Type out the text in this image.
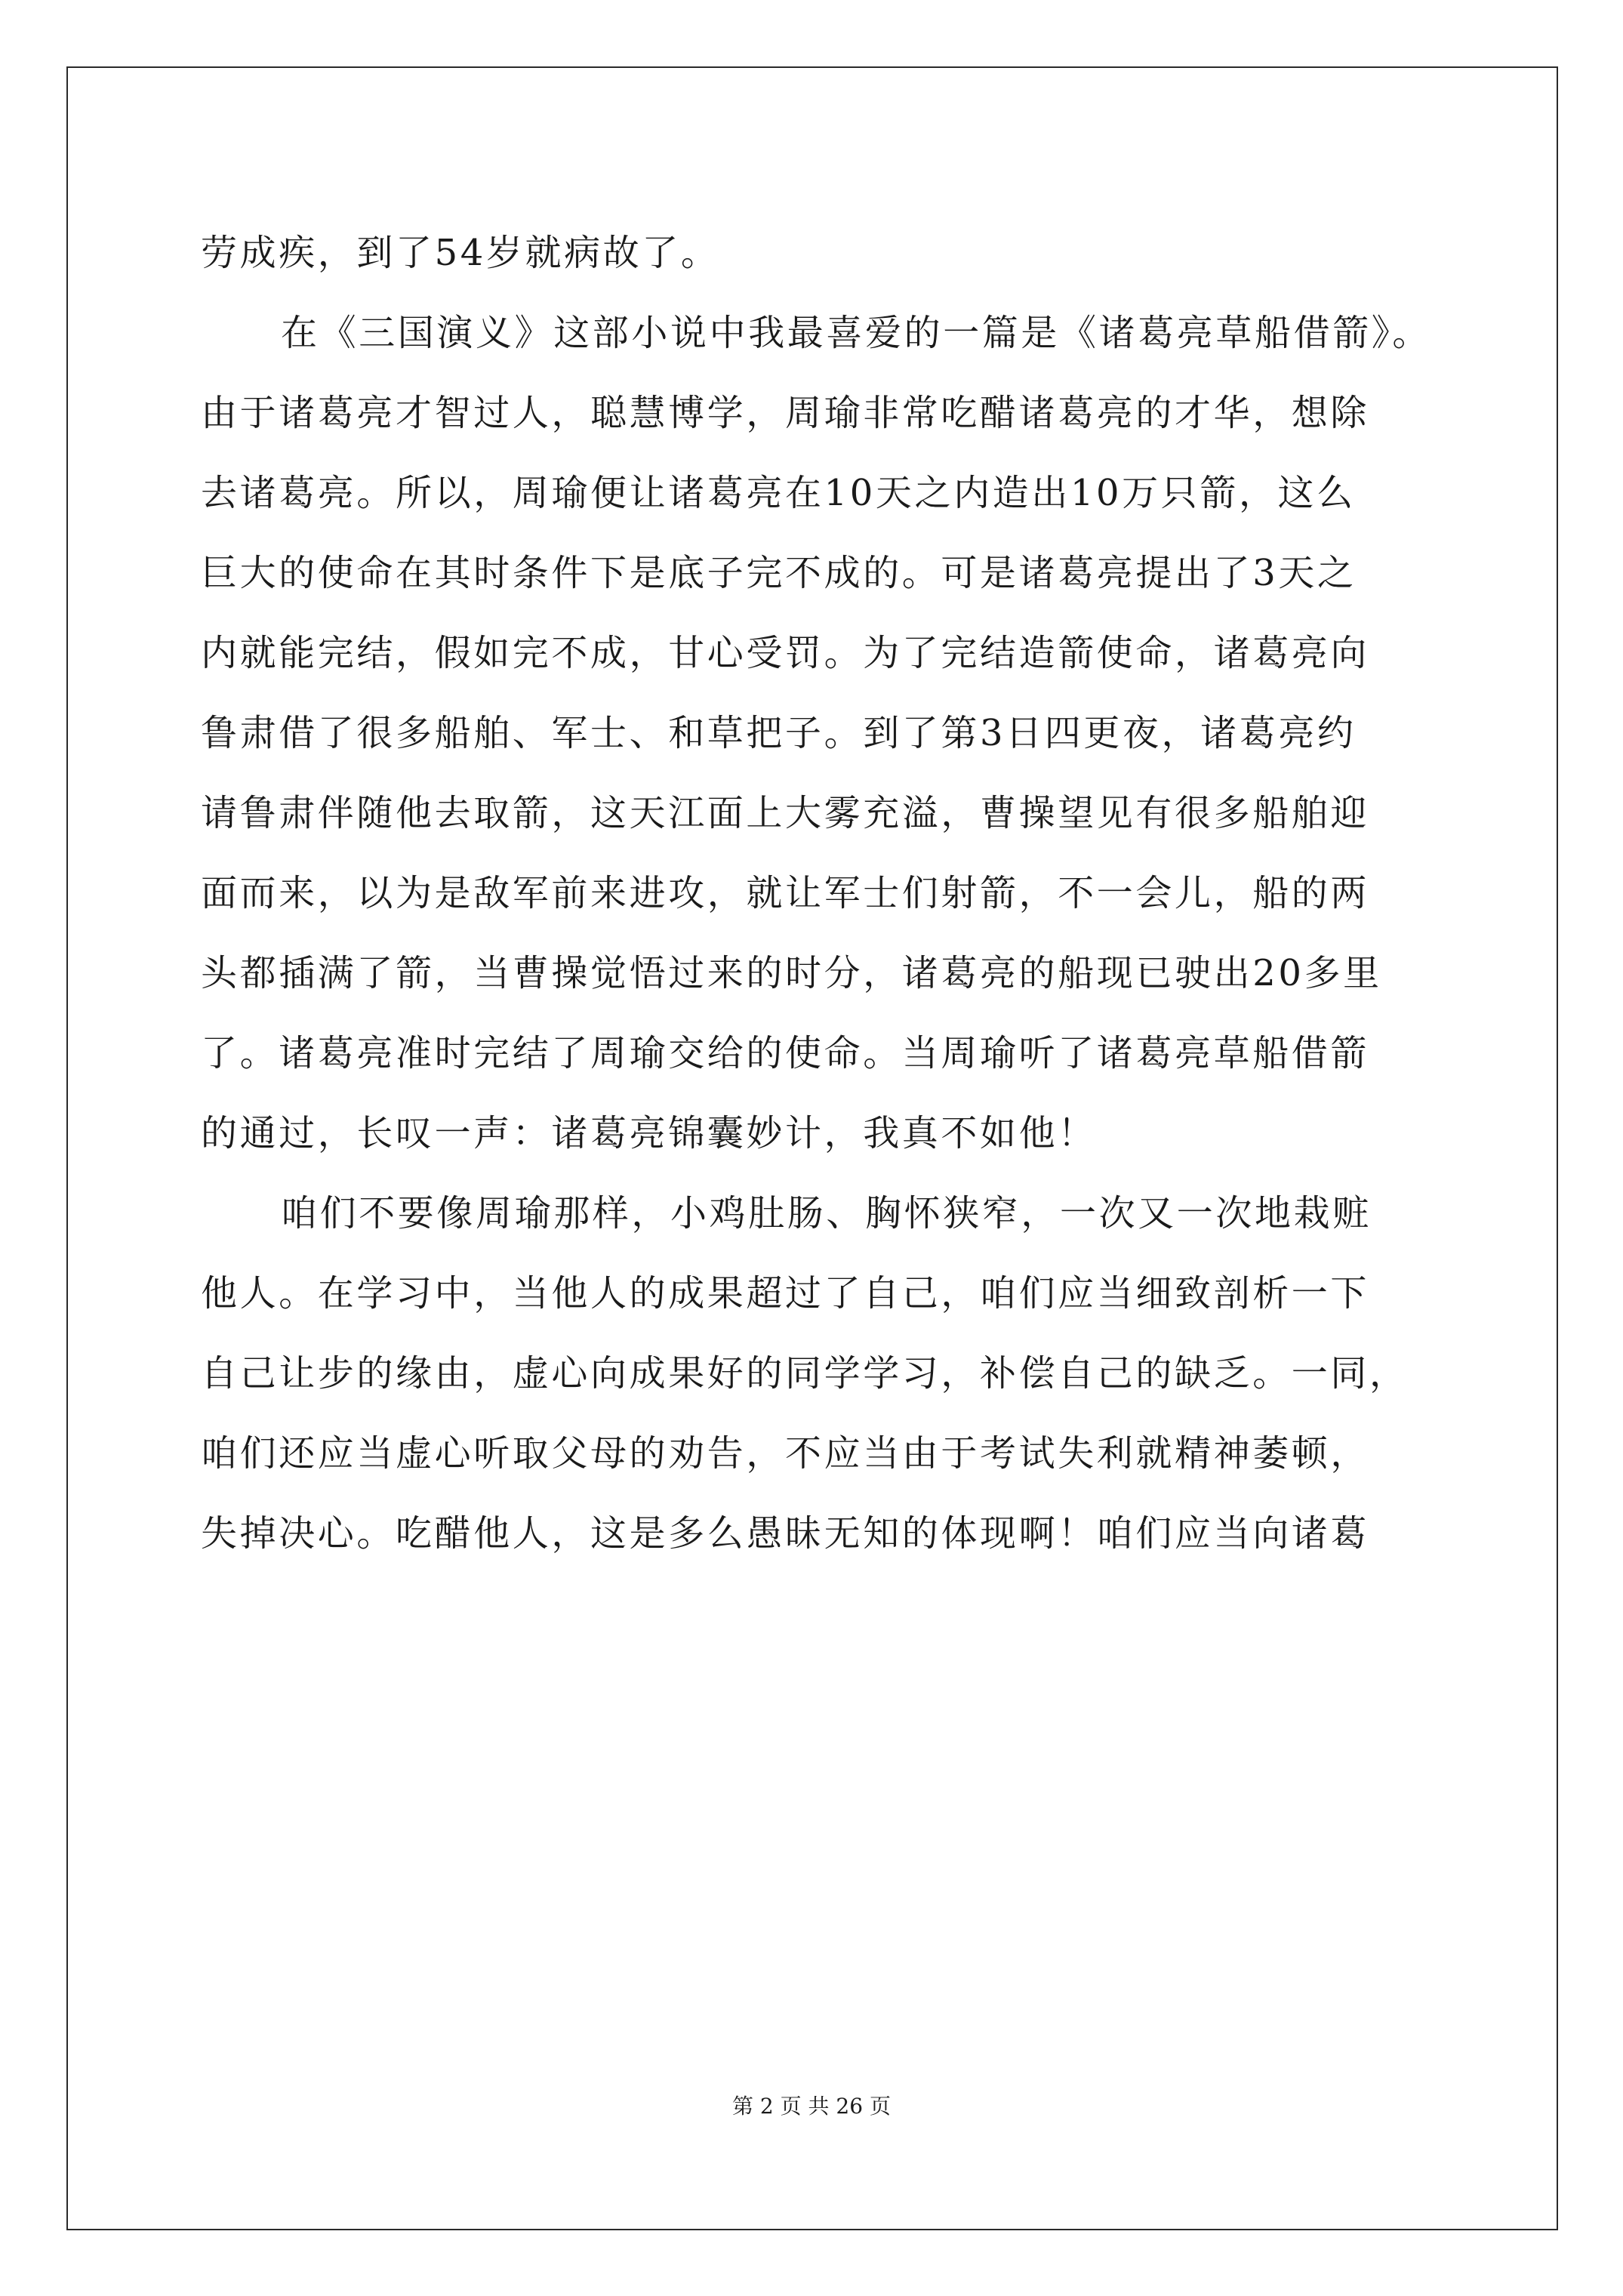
劳成疾，到了54岁就病故了。
在《三国演义》这部小说中我最喜爱的一篇是《诸葛亮草船借箭》。
由于诸葛亮才智过人，聪慧博学，周瑜非常吃醋诸葛亮的才华，想除
去诸葛亮。所以，周瑜便让诸葛亮在10天之内造出10万只箭，这么
巨大的使命在其时条件下是底子完不成的。可是诸葛亮提出了3天之
内就能完结，假如完不成，甘心受罚。为了完结造箭使命，诸葛亮向
鲁肃借了很多船舶、军士、和草把子。到了第3日四更夜，诸葛亮约
请鲁肃伴随他去取箭，这天江面上大雾充溢，曹操望见有很多船舶迎
面而来，以为是敌军前来进攻，就让军士们射箭，不一会儿，船的两
头都插满了箭，当曹操觉悟过来的时分，诸葛亮的船现已驶出20多里
了。诸葛亮准时完结了周瑜交给的使命。当周瑜听了诸葛亮草船借箭
的通过，长叹一声：诸葛亮锦囊妙计，我真不如他！
咱们不要像周瑜那样，小鸡肚肠、胸怀狭窄，一次又一次地栽赃
他人。在学习中，当他人的成果超过了自己，咱们应当细致剖析一下
自己让步的缘由，虚心向成果好的同学学习，补偿自己的缺乏。一同，
咱们还应当虚心听取父母的劝告，不应当由于考试失利就精神萎顿，
失掉决心。吃醋他人，这是多么愚昧无知的体现啊！咱们应当向诸葛
第 2 页 共 26 页
